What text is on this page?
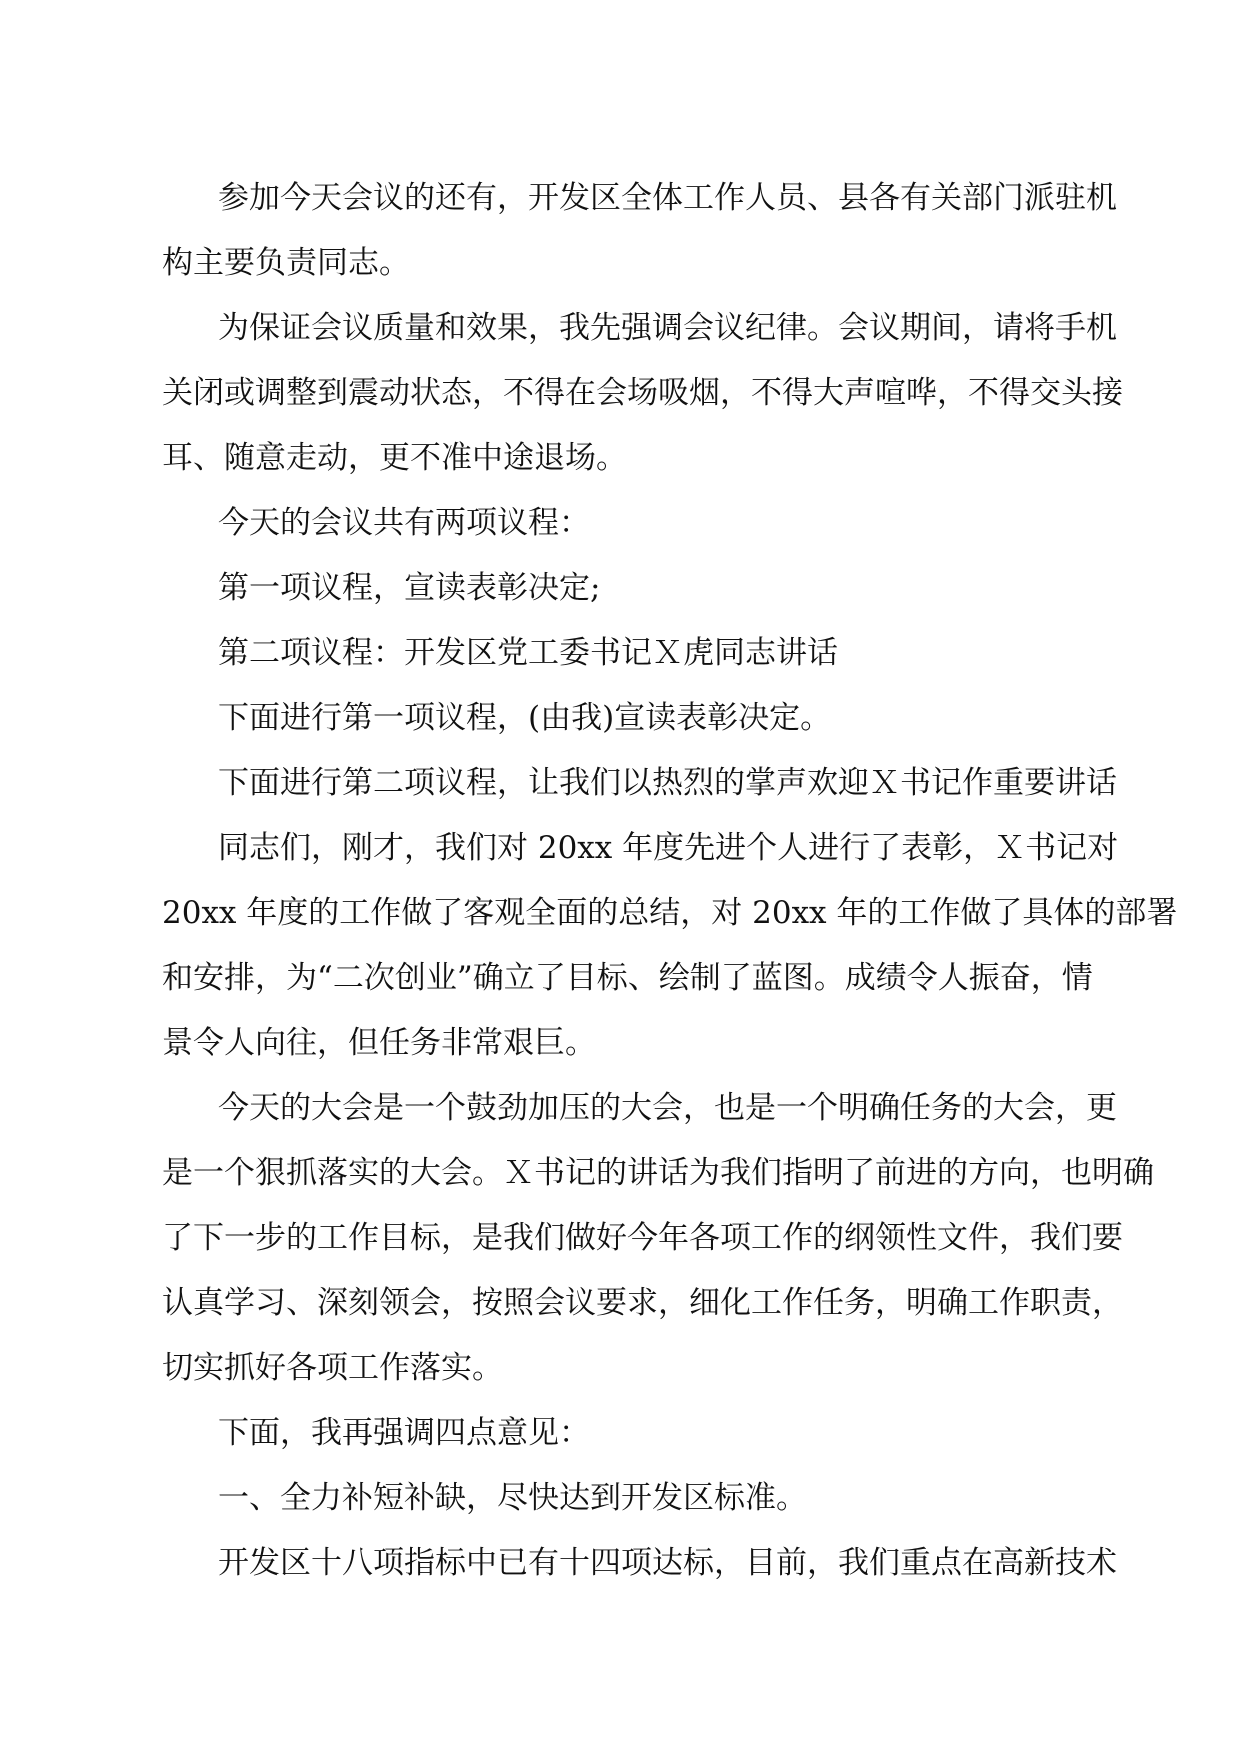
参加今天会议的还有，开发区全体工作人员、县各有关部门派驻机

构主要负责同志。

为保证会议质量和效果，我先强调会议纪律。会议期间，请将手机

关闭或调整到震动状态，不得在会场吸烟，不得大声喧哗，不得交头接

耳、随意走动，更不准中途退场。

今天的会议共有两项议程：

第一项议程，宣读表彰决定;

第二项议程：开发区党工委书记Ｘ虎同志讲话

下面进行第一项议程，(由我)宣读表彰决定。

下面进行第二项议程，让我们以热烈的掌声欢迎Ｘ书记作重要讲话

同志们，刚才，我们对 20xx 年度先进个人进行了表彰，Ｘ书记对

20xx 年度的工作做了客观全面的总结，对 20xx 年的工作做了具体的部署

和安排，为“二次创业”确立了目标、绘制了蓝图。成绩令人振奋，情

景令人向往，但任务非常艰巨。

今天的大会是一个鼓劲加压的大会，也是一个明确任务的大会，更

是一个狠抓落实的大会。Ｘ书记的讲话为我们指明了前进的方向，也明确

了下一步的工作目标，是我们做好今年各项工作的纲领性文件，我们要

认真学习、深刻领会，按照会议要求，细化工作任务，明确工作职责，

切实抓好各项工作落实。

下面，我再强调四点意见：

一、全力补短补缺，尽快达到开发区标准。

开发区十八项指标中已有十四项达标，目前，我们重点在高新技术
